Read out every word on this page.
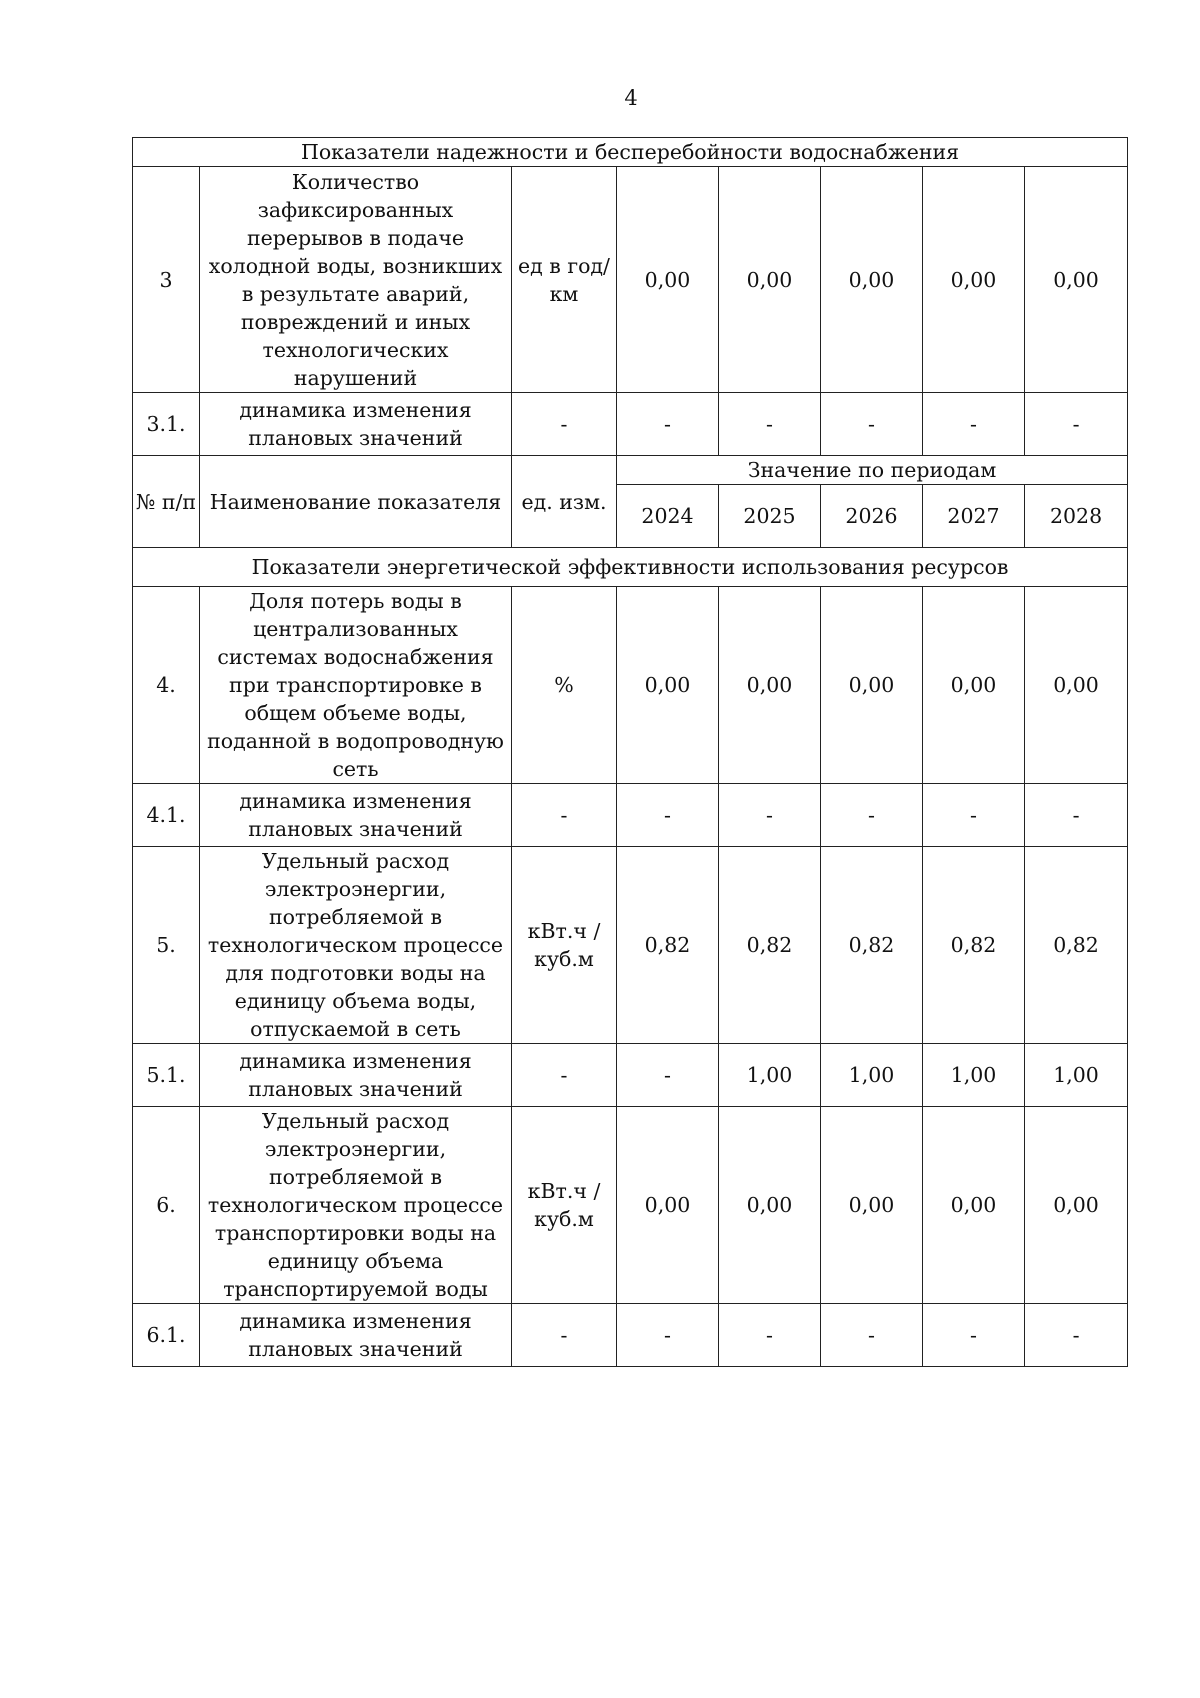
4
Показатели надежности и бесперебойности водоснабжения							
3	Количество зафиксированных перерывов в подаче холодной воды, возникших в результате аварий, повреждений и иных технологических нарушений	ед в год/ км	0,00	0,00	0,00	0,00	0,00
3.1.	динамика изменения плановых значений	-	-	-	-	-	-
№ п/п	Наименование показателя	ед. изм.	Значение по периодам				
			2024	2025	2026	2027	2028
Показатели энергетической эффективности использования ресурсов							
4.	Доля потерь воды в централизованных системах водоснабжения при транспортировке в общем объеме воды, поданной в водопроводную сеть	%	0,00	0,00	0,00	0,00	0,00
4.1.	динамика изменения плановых значений	-	-	-	-	-	-
5.	Удельный расход электроэнергии, потребляемой в технологическом процессе для подготовки воды на единицу объема воды, отпускаемой в сеть	кВт.ч / куб.м	0,82	0,82	0,82	0,82	0,82
5.1.	динамика изменения плановых значений	-	-	1,00	1,00	1,00	1,00
6.	Удельный расход электроэнергии, потребляемой в технологическом процессе транспортировки воды на единицу объема транспортируемой воды	кВт.ч / куб.м	0,00	0,00	0,00	0,00	0,00
6.1.	динамика изменения плановых значений	-	-	-	-	-	-
